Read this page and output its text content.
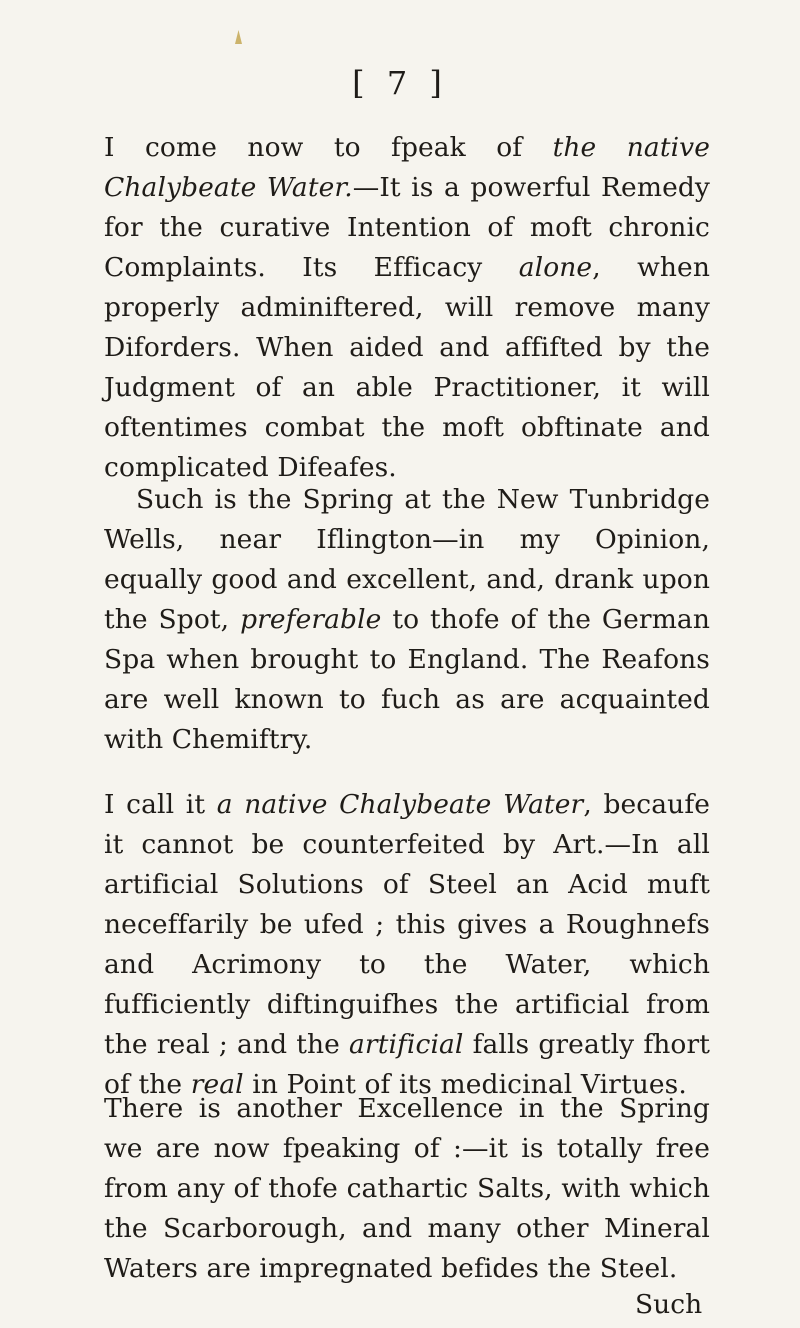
[ 7 ]

I come now to fpeak of the native Chalybeate Water.—It is a powerful Remedy for the curative Intention of moft chronic Complaints. Its Efficacy alone, when properly adminiftered, will remove many Diforders. When aided and affifted by the Judgment of an able Practitioner, it will oftentimes combat the moft obftinate and complicated Difeafes.

Such is the Spring at the New Tunbridge Wells, near Iflington—in my Opinion, equally good and excellent, and, drank upon the Spot, preferable to thofe of the German Spa when brought to England. The Reafons are well known to fuch as are acquainted with Chemiftry.

I call it a native Chalybeate Water, becaufe it cannot be counterfeited by Art.—In all artificial Solutions of Steel an Acid muft neceffarily be ufed ; this gives a Roughnefs and Acrimony to the Water, which fufficiently diftinguifhes the artificial from the real ; and the artificial falls greatly fhort of the real in Point of its medicinal Virtues.

There is another Excellence in the Spring we are now fpeaking of :—it is totally free from any of thofe cathartic Salts, with which the Scarborough, and many other Mineral Waters are impregnated befides the Steel.

Such
